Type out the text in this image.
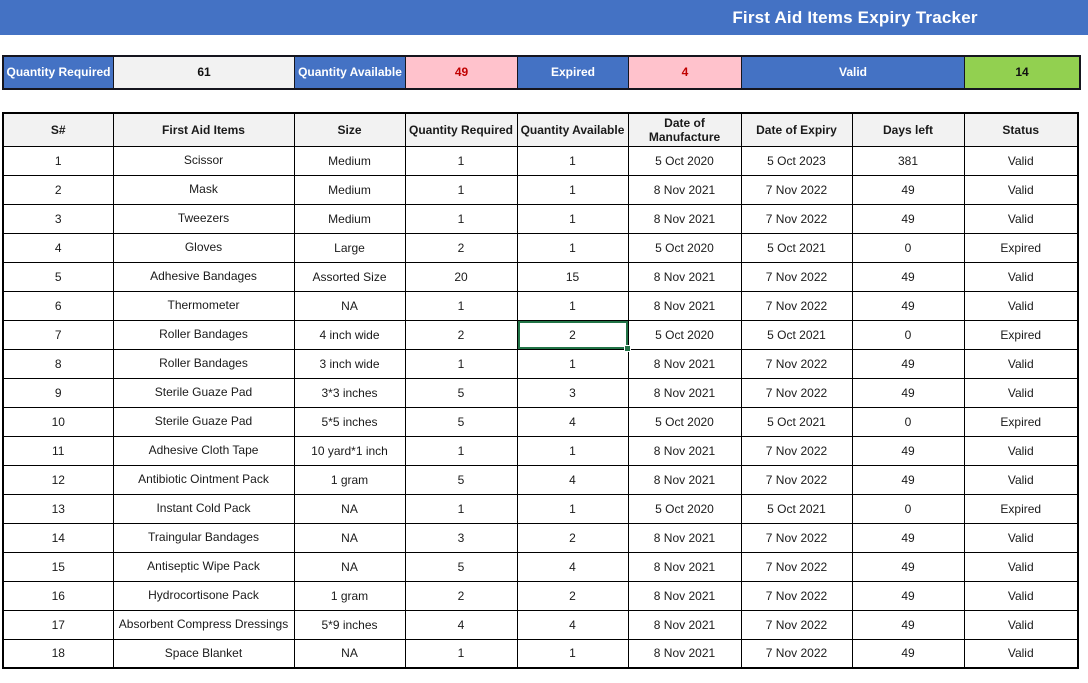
First Aid Items Expiry Tracker
Quantity Required	61	Quantity Available	49	Expired	4	Valid	14
S#	First Aid Items	Size	Quantity Required	Quantity Available	Date of Manufacture	Date of Expiry	Days left	Status
1	Scissor	Medium	1	1	5 Oct 2020	5 Oct 2023	381	Valid
2	Mask	Medium	1	1	8 Nov 2021	7 Nov 2022	49	Valid
3	Tweezers	Medium	1	1	8 Nov 2021	7 Nov 2022	49	Valid
4	Gloves	Large	2	1	5 Oct 2020	5 Oct 2021	0	Expired
5	Adhesive Bandages	Assorted Size	20	15	8 Nov 2021	7 Nov 2022	49	Valid
6	Thermometer	NA	1	1	8 Nov 2021	7 Nov 2022	49	Valid
7	Roller Bandages	4 inch wide	2	2	5 Oct 2020	5 Oct 2021	0	Expired
8	Roller Bandages	3 inch wide	1	1	8 Nov 2021	7 Nov 2022	49	Valid
9	Sterile Guaze Pad	3*3 inches	5	3	8 Nov 2021	7 Nov 2022	49	Valid
10	Sterile Guaze Pad	5*5 inches	5	4	5 Oct 2020	5 Oct 2021	0	Expired
11	Adhesive Cloth Tape	10 yard*1 inch	1	1	8 Nov 2021	7 Nov 2022	49	Valid
12	Antibiotic Ointment Pack	1 gram	5	4	8 Nov 2021	7 Nov 2022	49	Valid
13	Instant Cold Pack	NA	1	1	5 Oct 2020	5 Oct 2021	0	Expired
14	Traingular Bandages	NA	3	2	8 Nov 2021	7 Nov 2022	49	Valid
15	Antiseptic Wipe Pack	NA	5	4	8 Nov 2021	7 Nov 2022	49	Valid
16	Hydrocortisone Pack	1 gram	2	2	8 Nov 2021	7 Nov 2022	49	Valid
17	Absorbent Compress Dressings	5*9 inches	4	4	8 Nov 2021	7 Nov 2022	49	Valid
18	Space Blanket	NA	1	1	8 Nov 2021	7 Nov 2022	49	Valid
